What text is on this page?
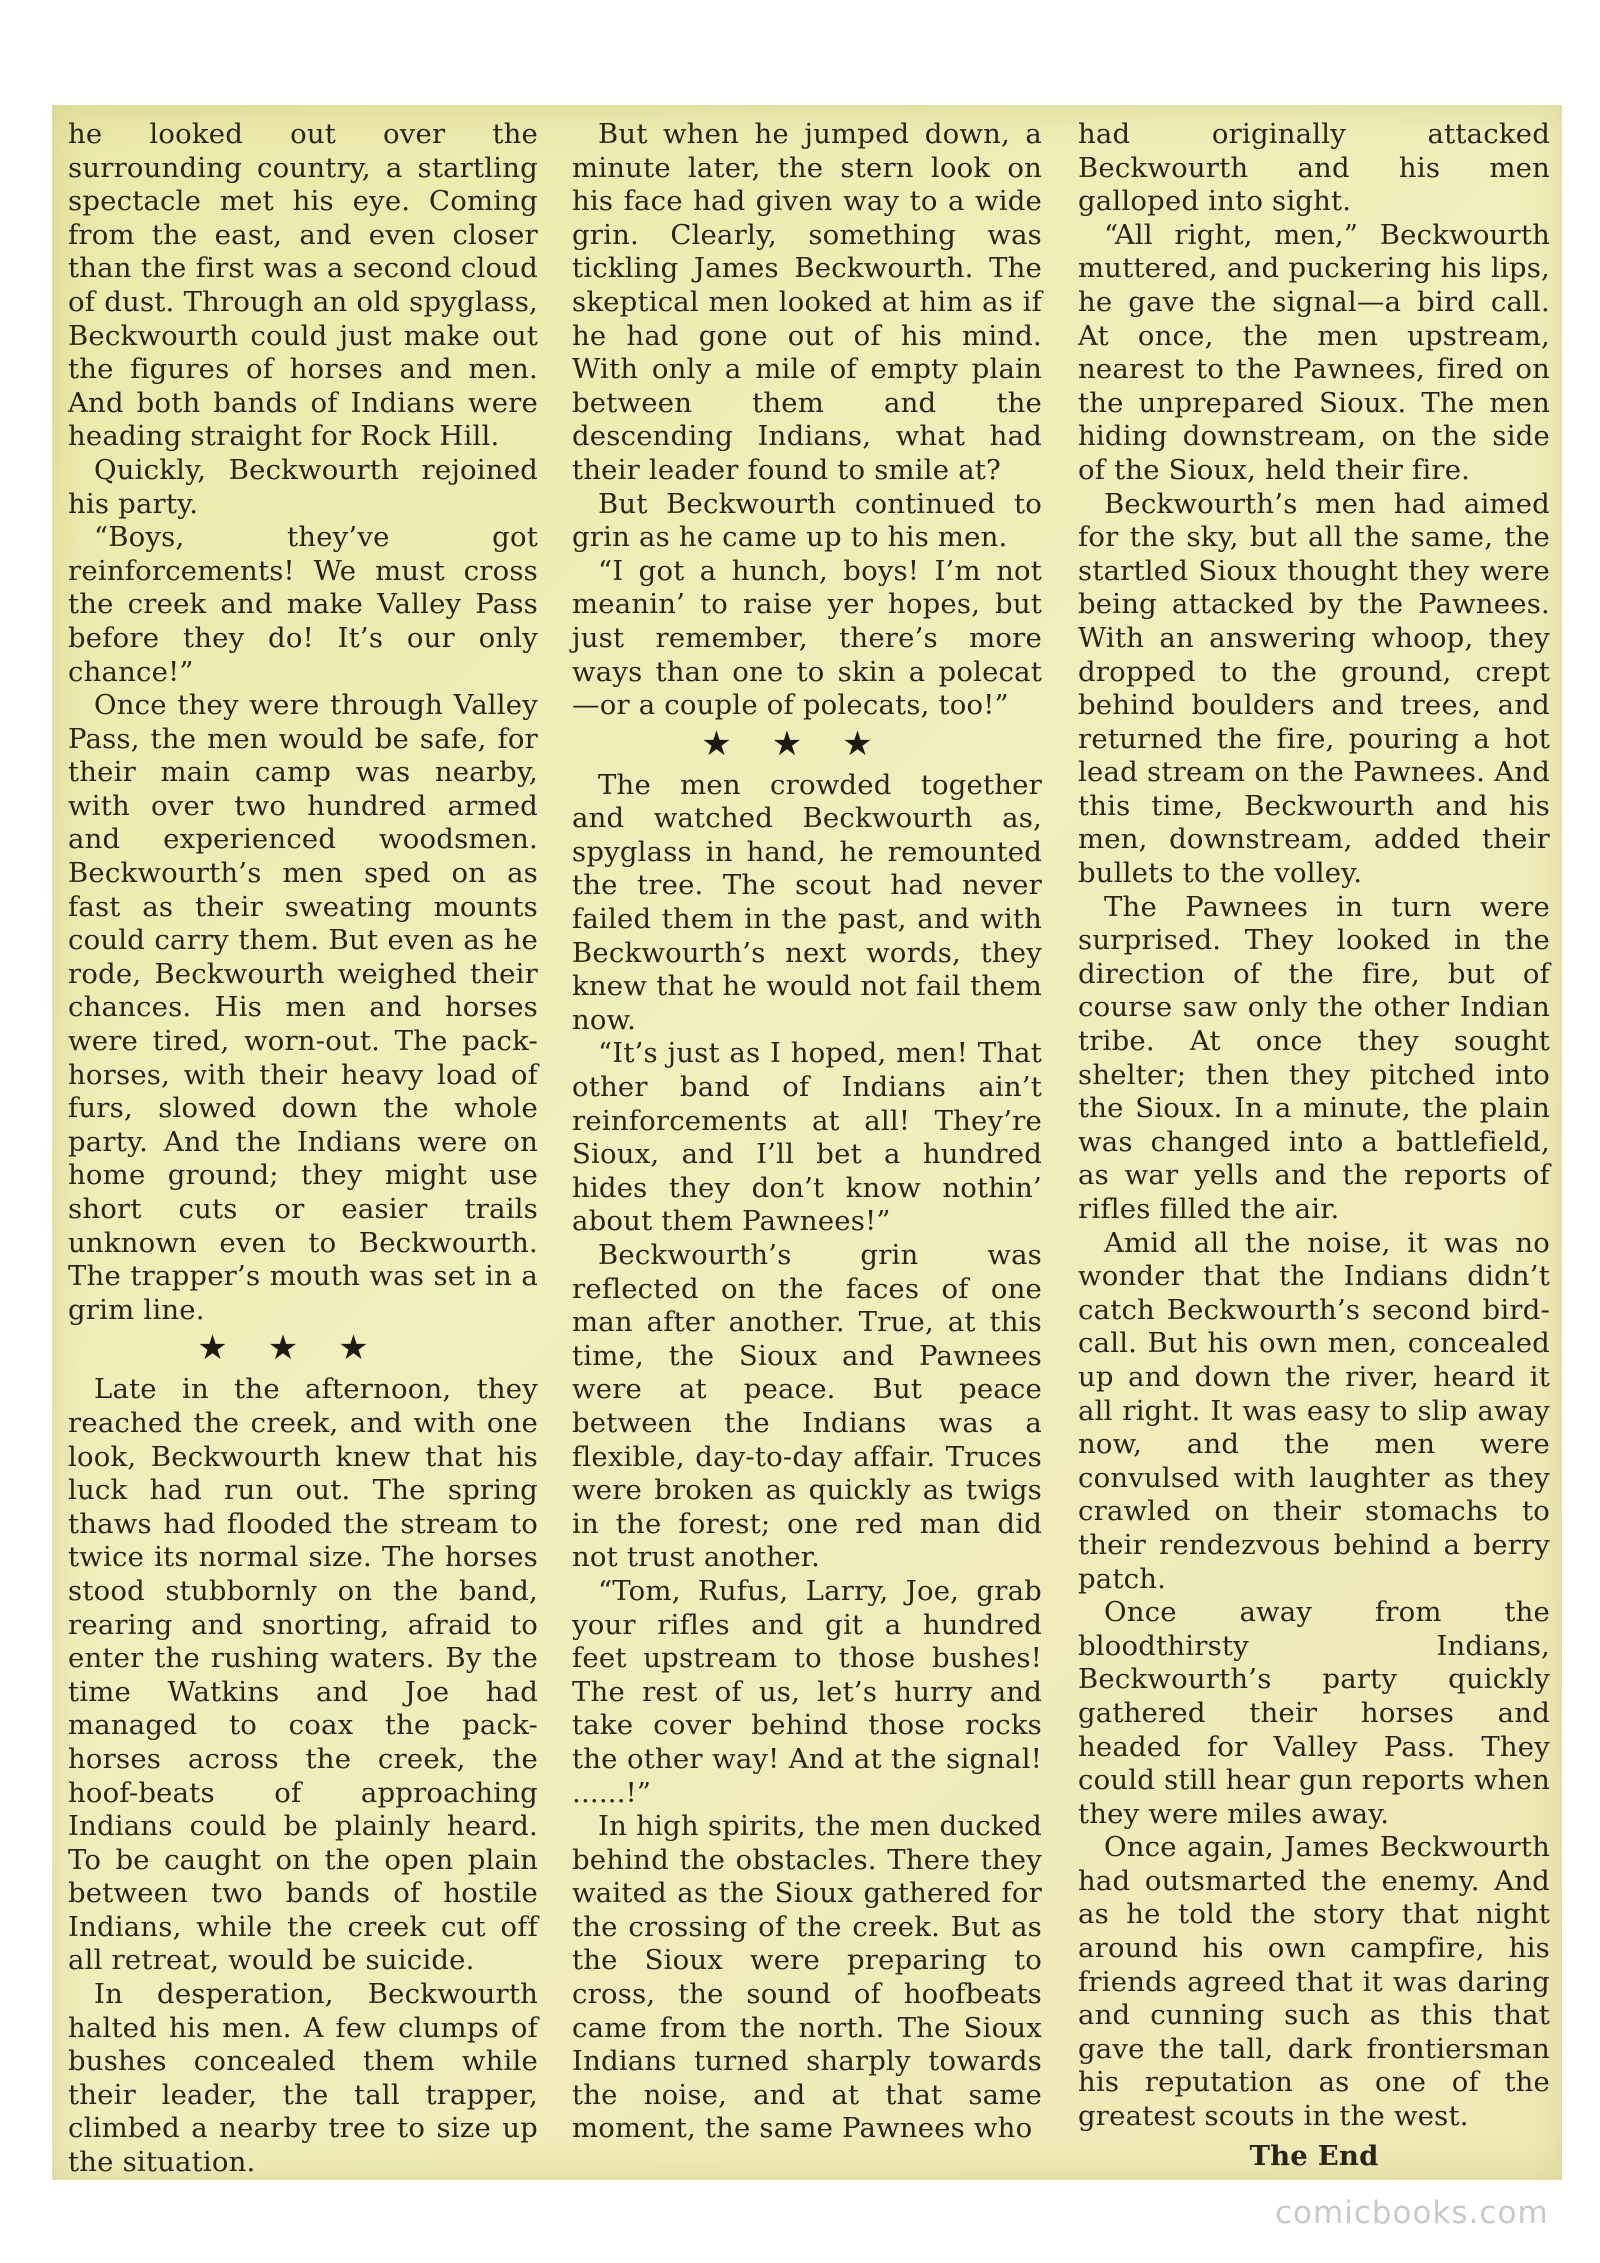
he looked out over the surrounding country, a startling spectacle met his eye. Coming from the east, and even closer than the first was a second cloud of dust. Through an old spyglass, Beckwourth could just make out the figures of horses and men. And both bands of Indians were heading straight for Rock Hill.

Quickly, Beckwourth rejoined his party.

“Boys, they’ve got reinforcements! We must cross the creek and make Valley Pass before they do! It’s our only chance!”

Once they were through Valley Pass, the men would be safe, for their main camp was nearby, with over two hundred armed and experienced woodsmen. Beckwourth’s men sped on as fast as their sweating mounts could carry them. But even as he rode, Beckwourth weighed their chances. His men and horses were tired, worn-out. The pack-horses, with their heavy load of furs, slowed down the whole party. And the Indians were on home ground; they might use short cuts or easier trails unknown even to Beckwourth. The trapper’s mouth was set in a grim line.

★★★

Late in the afternoon, they reached the creek, and with one look, Beckwourth knew that his luck had run out. The spring thaws had flooded the stream to twice its normal size. The horses stood stubbornly on the band, rearing and snorting, afraid to enter the rushing waters. By the time Watkins and Joe had managed to coax the pack-horses across the creek, the hoof-beats of approaching Indians could be plainly heard. To be caught on the open plain between two bands of hostile Indians, while the creek cut off all retreat, would be suicide.

In desperation, Beckwourth halted his men. A few clumps of bushes concealed them while their leader, the tall trapper, climbed a nearby tree to size up the situation.

But when he jumped down, a minute later, the stern look on his face had given way to a wide grin. Clearly, something was tickling James Beckwourth. The skeptical men looked at him as if he had gone out of his mind. With only a mile of empty plain between them and the descending Indians, what had their leader found to smile at?

But Beckwourth continued to grin as he came up to his men.

“I got a hunch, boys! I’m not meanin’ to raise yer hopes, but just remember, there’s more ways than one to skin a polecat—or a couple of polecats, too!”

★★★

The men crowded together and watched Beckwourth as, spyglass in hand, he remounted the tree. The scout had never failed them in the past, and with Beckwourth’s next words, they knew that he would not fail them now.

“It’s just as I hoped, men! That other band of Indians ain’t reinforcements at all! They’re Sioux, and I’ll bet a hundred hides they don’t know nothin’ about them Pawnees!”

Beckwourth’s grin was reflected on the faces of one man after another. True, at this time, the Sioux and Pawnees were at peace. But peace between the Indians was a flexible, day-to-day affair. Truces were broken as quickly as twigs in the forest; one red man did not trust another.

“Tom, Rufus, Larry, Joe, grab your rifles and git a hundred feet upstream to those bushes! The rest of us, let’s hurry and take cover behind those rocks the other way! And at the signal! ......!”

In high spirits, the men ducked behind the obstacles. There they waited as the Sioux gathered for the crossing of the creek. But as the Sioux were preparing to cross, the sound of hoofbeats came from the north. The Sioux Indians turned sharply towards the noise, and at that same moment, the same Pawnees who

had originally attacked Beckwourth and his men galloped into sight.

“All right, men,” Beckwourth muttered, and puckering his lips, he gave the signal—a bird call. At once, the men upstream, nearest to the Pawnees, fired on the unprepared Sioux. The men hiding downstream, on the side of the Sioux, held their fire.

Beckwourth’s men had aimed for the sky, but all the same, the startled Sioux thought they were being attacked by the Pawnees. With an answering whoop, they dropped to the ground, crept behind boulders and trees, and returned the fire, pouring a hot lead stream on the Pawnees. And this time, Beckwourth and his men, downstream, added their bullets to the volley.

The Pawnees in turn were surprised. They looked in the direction of the fire, but of course saw only the other Indian tribe. At once they sought shelter; then they pitched into the Sioux. In a minute, the plain was changed into a battlefield, as war yells and the reports of rifles filled the air.

Amid all the noise, it was no wonder that the Indians didn’t catch Beckwourth’s second bird-call. But his own men, concealed up and down the river, heard it all right. It was easy to slip away now, and the men were convulsed with laughter as they crawled on their stomachs to their rendezvous behind a berry patch.

Once away from the bloodthirsty Indians, Beckwourth’s party quickly gathered their horses and headed for Valley Pass. They could still hear gun reports when they were miles away.

Once again, James Beckwourth had outsmarted the enemy. And as he told the story that night around his own campfire, his friends agreed that it was daring and cunning such as this that gave the tall, dark frontiersman his reputation as one of the greatest scouts in the west.

The End
comicbooks.com
